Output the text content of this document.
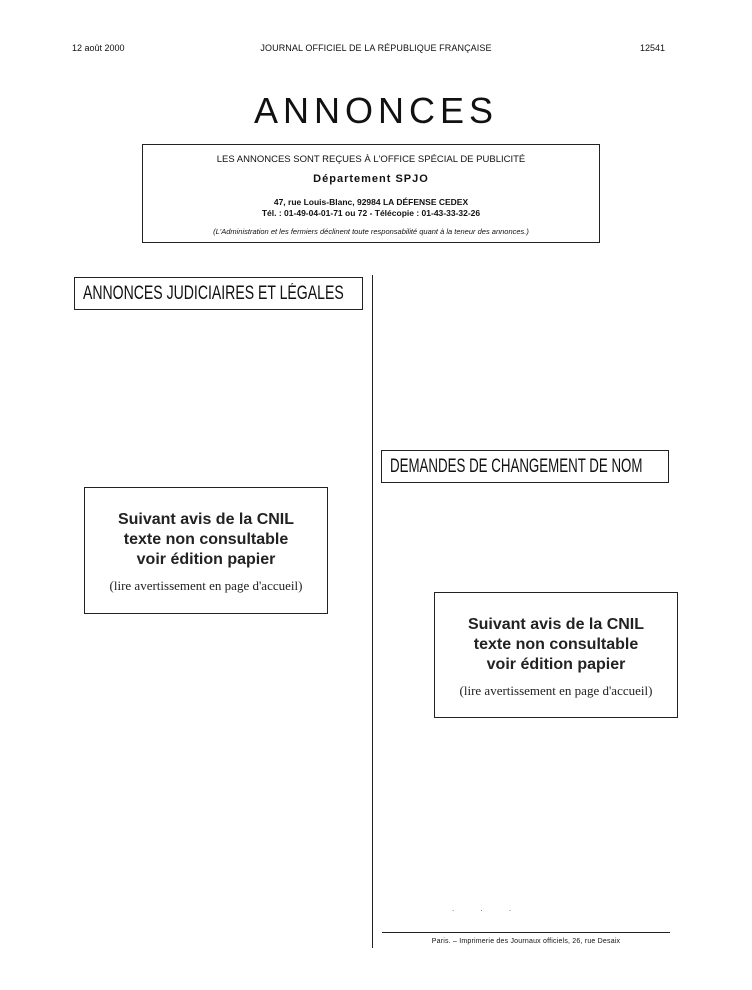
12 août 2000	JOURNAL OFFICIEL DE LA RÉPUBLIQUE FRANÇAISE	12541
ANNONCES
LES ANNONCES SONT REÇUES À L'OFFICE SPÉCIAL DE PUBLICITÉ
Département SPJO
47, rue Louis-Blanc, 92984 LA DÉFENSE CEDEX
Tél. : 01-49-04-01-71 ou 72 - Télécopie : 01-43-33-32-26
(L'Administration et les fermiers déclinent toute responsabilité quant à la teneur des annonces.)
ANNONCES JUDICIAIRES ET LÉGALES
Suivant avis de la CNIL
texte non consultable
voir édition papier
(lire avertissement en page d'accueil)
DEMANDES DE CHANGEMENT DE NOM
Suivant avis de la CNIL
texte non consultable
voir édition papier
(lire avertissement en page d'accueil)
. . .
Paris. – Imprimerie des Journaux officiels, 26, rue Desaix
